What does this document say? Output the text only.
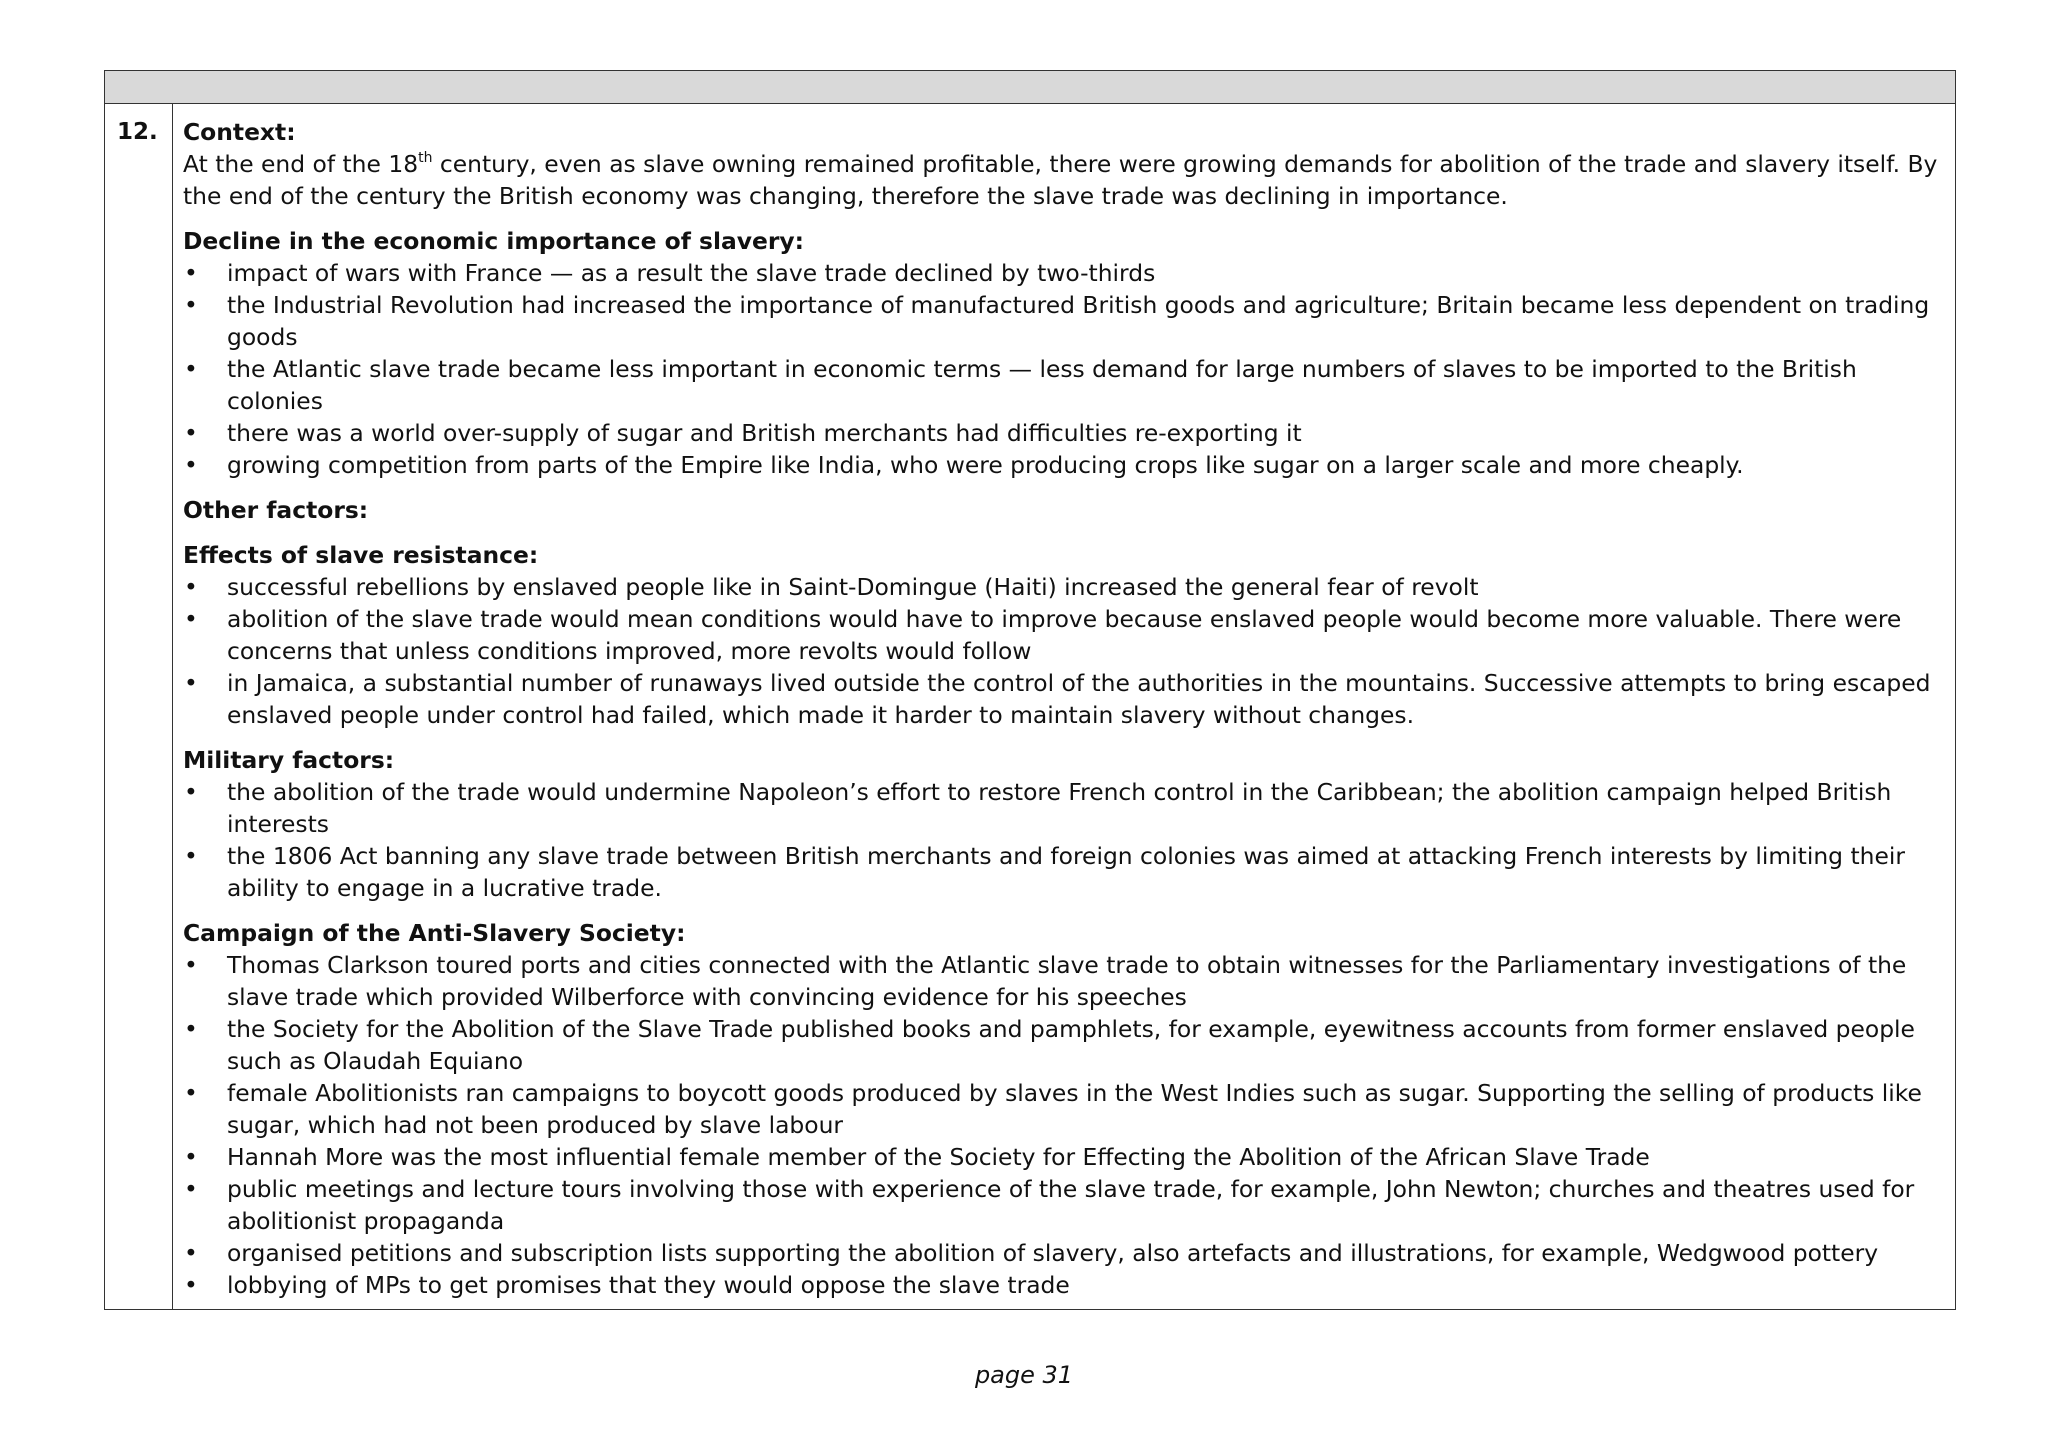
12.	Context:
At the end of the 18th century, even as slave owning remained profitable, there were growing demands for abolition of the trade and slavery itself. By the end of the century the British economy was changing, therefore the slave trade was declining in importance.
Decline in the economic importance of slavery:
• impact of wars with France — as a result the slave trade declined by two-thirds
• the Industrial Revolution had increased the importance of manufactured British goods and agriculture; Britain became less dependent on trading goods
• the Atlantic slave trade became less important in economic terms — less demand for large numbers of slaves to be imported to the British colonies
• there was a world over-supply of sugar and British merchants had difficulties re-exporting it
• growing competition from parts of the Empire like India, who were producing crops like sugar on a larger scale and more cheaply.
Other factors:
Effects of slave resistance:
• successful rebellions by enslaved people like in Saint-Domingue (Haiti) increased the general fear of revolt
• abolition of the slave trade would mean conditions would have to improve because enslaved people would become more valuable. There were concerns that unless conditions improved, more revolts would follow
• in Jamaica, a substantial number of runaways lived outside the control of the authorities in the mountains. Successive attempts to bring escaped enslaved people under control had failed, which made it harder to maintain slavery without changes.
Military factors:
• the abolition of the trade would undermine Napoleon’s effort to restore French control in the Caribbean; the abolition campaign helped British interests
• the 1806 Act banning any slave trade between British merchants and foreign colonies was aimed at attacking French interests by limiting their ability to engage in a lucrative trade.
Campaign of the Anti-Slavery Society:
• Thomas Clarkson toured ports and cities connected with the Atlantic slave trade to obtain witnesses for the Parliamentary investigations of the slave trade which provided Wilberforce with convincing evidence for his speeches
• the Society for the Abolition of the Slave Trade published books and pamphlets, for example, eyewitness accounts from former enslaved people such as Olaudah Equiano
• female Abolitionists ran campaigns to boycott goods produced by slaves in the West Indies such as sugar. Supporting the selling of products like sugar, which had not been produced by slave labour
• Hannah More was the most influential female member of the Society for Effecting the Abolition of the African Slave Trade
• public meetings and lecture tours involving those with experience of the slave trade, for example, John Newton; churches and theatres used for abolitionist propaganda
• organised petitions and subscription lists supporting the abolition of slavery, also artefacts and illustrations, for example, Wedgwood pottery
• lobbying of MPs to get promises that they would oppose the slave trade
page 31
